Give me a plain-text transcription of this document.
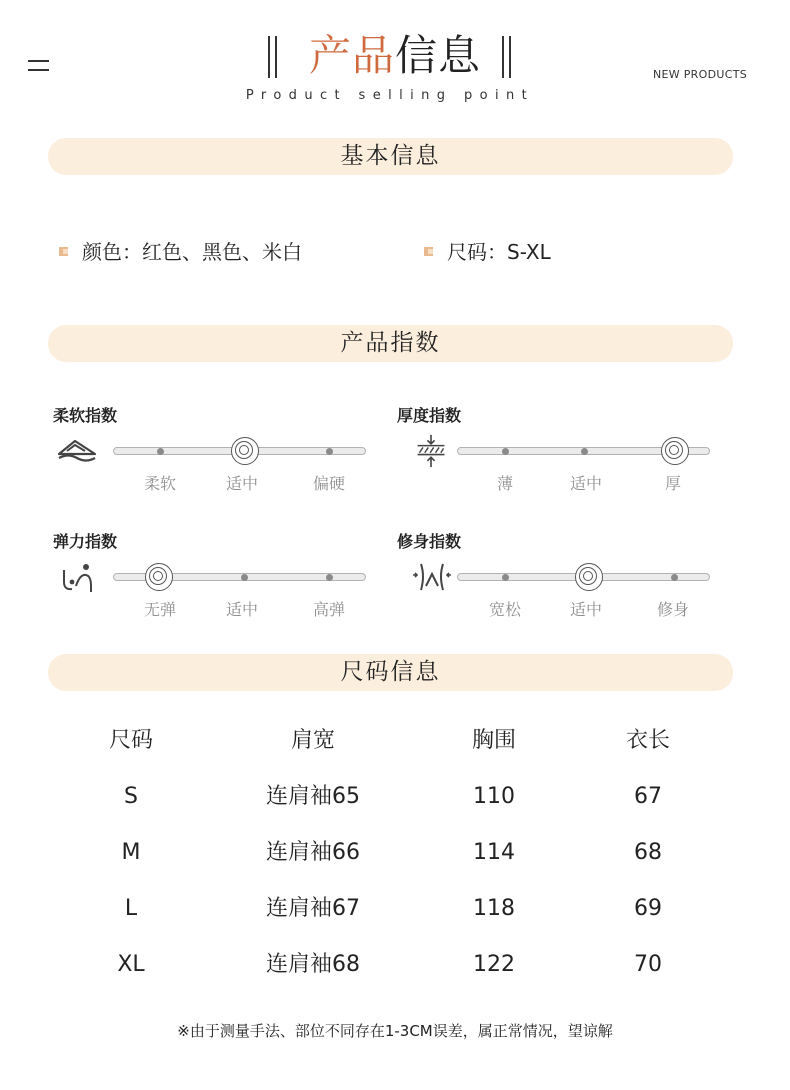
产品信息
Product selling point
NEW PRODUCTS
基本信息
颜色：红色、黑色、米白	尺码：S-XL
产品指数
柔软指数
柔软	适中	偏硬
厚度指数
薄	适中	厚
弹力指数
无弹	适中	高弹
修身指数
宽松	适中	修身
尺码信息
尺码	肩宽	胸围	衣长
S	连肩袖65	110	67
M	连肩袖66	114	68
L	连肩袖67	118	69
XL	连肩袖68	122	70
※由于测量手法、部位不同存在1-3CM误差，属正常情况，望谅解
